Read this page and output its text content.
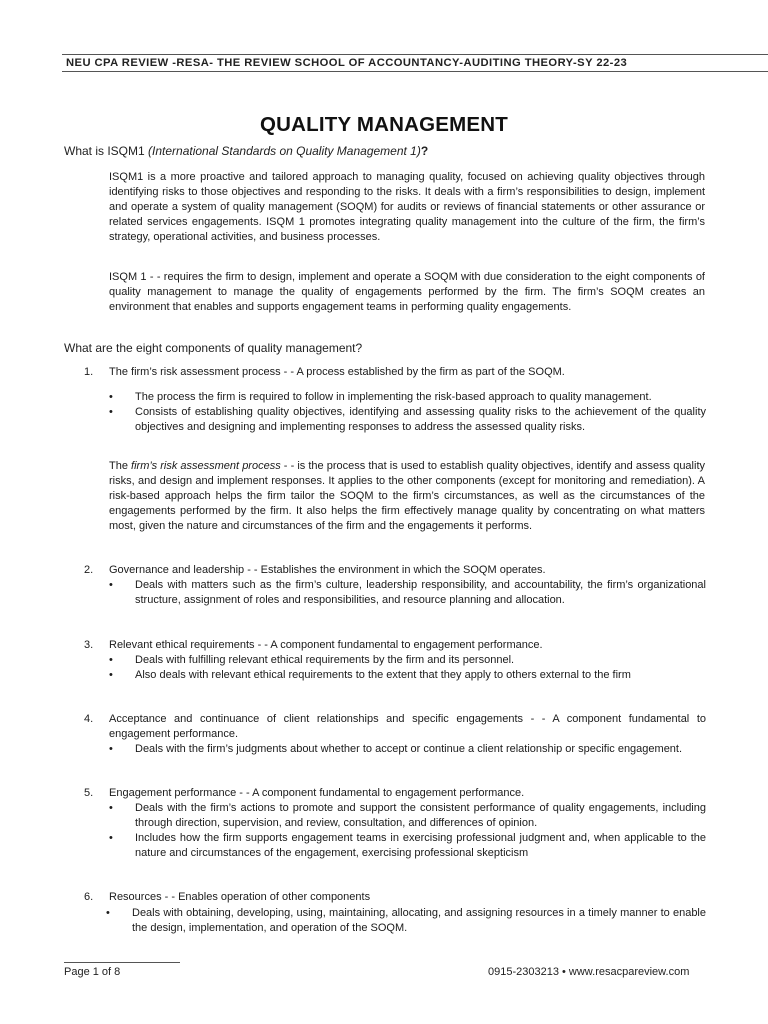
NEU CPA REVIEW -RESA- THE REVIEW SCHOOL OF ACCOUNTANCY-AUDITING THEORY-SY 22-23
QUALITY MANAGEMENT
What is ISQM1 (International Standards on Quality Management 1)?
ISQM1 is a more proactive and tailored approach to managing quality, focused on achieving quality objectives through identifying risks to those objectives and responding to the risks. It deals with a firm’s responsibilities to design, implement and operate a system of quality management (SOQM) for audits or reviews of financial statements or other assurance or related services engagements. ISQM 1 promotes integrating quality management into the culture of the firm, the firm’s strategy, operational activities, and business processes.
ISQM 1 - - requires the firm to design, implement and operate a SOQM with due consideration to the eight components of quality management to manage the quality of engagements performed by the firm. The firm’s SOQM creates an environment that enables and supports engagement teams in performing quality engagements.
What are the eight components of quality management?
1. The firm’s risk assessment process - - A process established by the firm as part of the SOQM.
• The process the firm is required to follow in implementing the risk-based approach to quality management.
• Consists of establishing quality objectives, identifying and assessing quality risks to the achievement of the quality objectives and designing and implementing responses to address the assessed quality risks.
The firm’s risk assessment process - - is the process that is used to establish quality objectives, identify and assess quality risks, and design and implement responses. It applies to the other components (except for monitoring and remediation). A risk-based approach helps the firm tailor the SOQM to the firm’s circumstances, as well as the circumstances of the engagements performed by the firm. It also helps the firm effectively manage quality by concentrating on what matters most, given the nature and circumstances of the firm and the engagements it performs.
2. Governance and leadership - - Establishes the environment in which the SOQM operates.
• Deals with matters such as the firm’s culture, leadership responsibility, and accountability, the firm’s organizational structure, assignment of roles and responsibilities, and resource planning and allocation.
3. Relevant ethical requirements - - A component fundamental to engagement performance.
• Deals with fulfilling relevant ethical requirements by the firm and its personnel.
• Also deals with relevant ethical requirements to the extent that they apply to others external to the firm
4. Acceptance and continuance of client relationships and specific engagements - - A component fundamental to engagement performance.
• Deals with the firm’s judgments about whether to accept or continue a client relationship or specific engagement.
5. Engagement performance - - A component fundamental to engagement performance.
• Deals with the firm’s actions to promote and support the consistent performance of quality engagements, including through direction, supervision, and review, consultation, and differences of opinion.
• Includes how the firm supports engagement teams in exercising professional judgment and, when applicable to the nature and circumstances of the engagement, exercising professional skepticism
6. Resources - - Enables operation of other components
• Deals with obtaining, developing, using, maintaining, allocating, and assigning resources in a timely manner to enable the design, implementation, and operation of the SOQM.
Page 1 of 8	0915-2303213 • www.resacpareview.com
